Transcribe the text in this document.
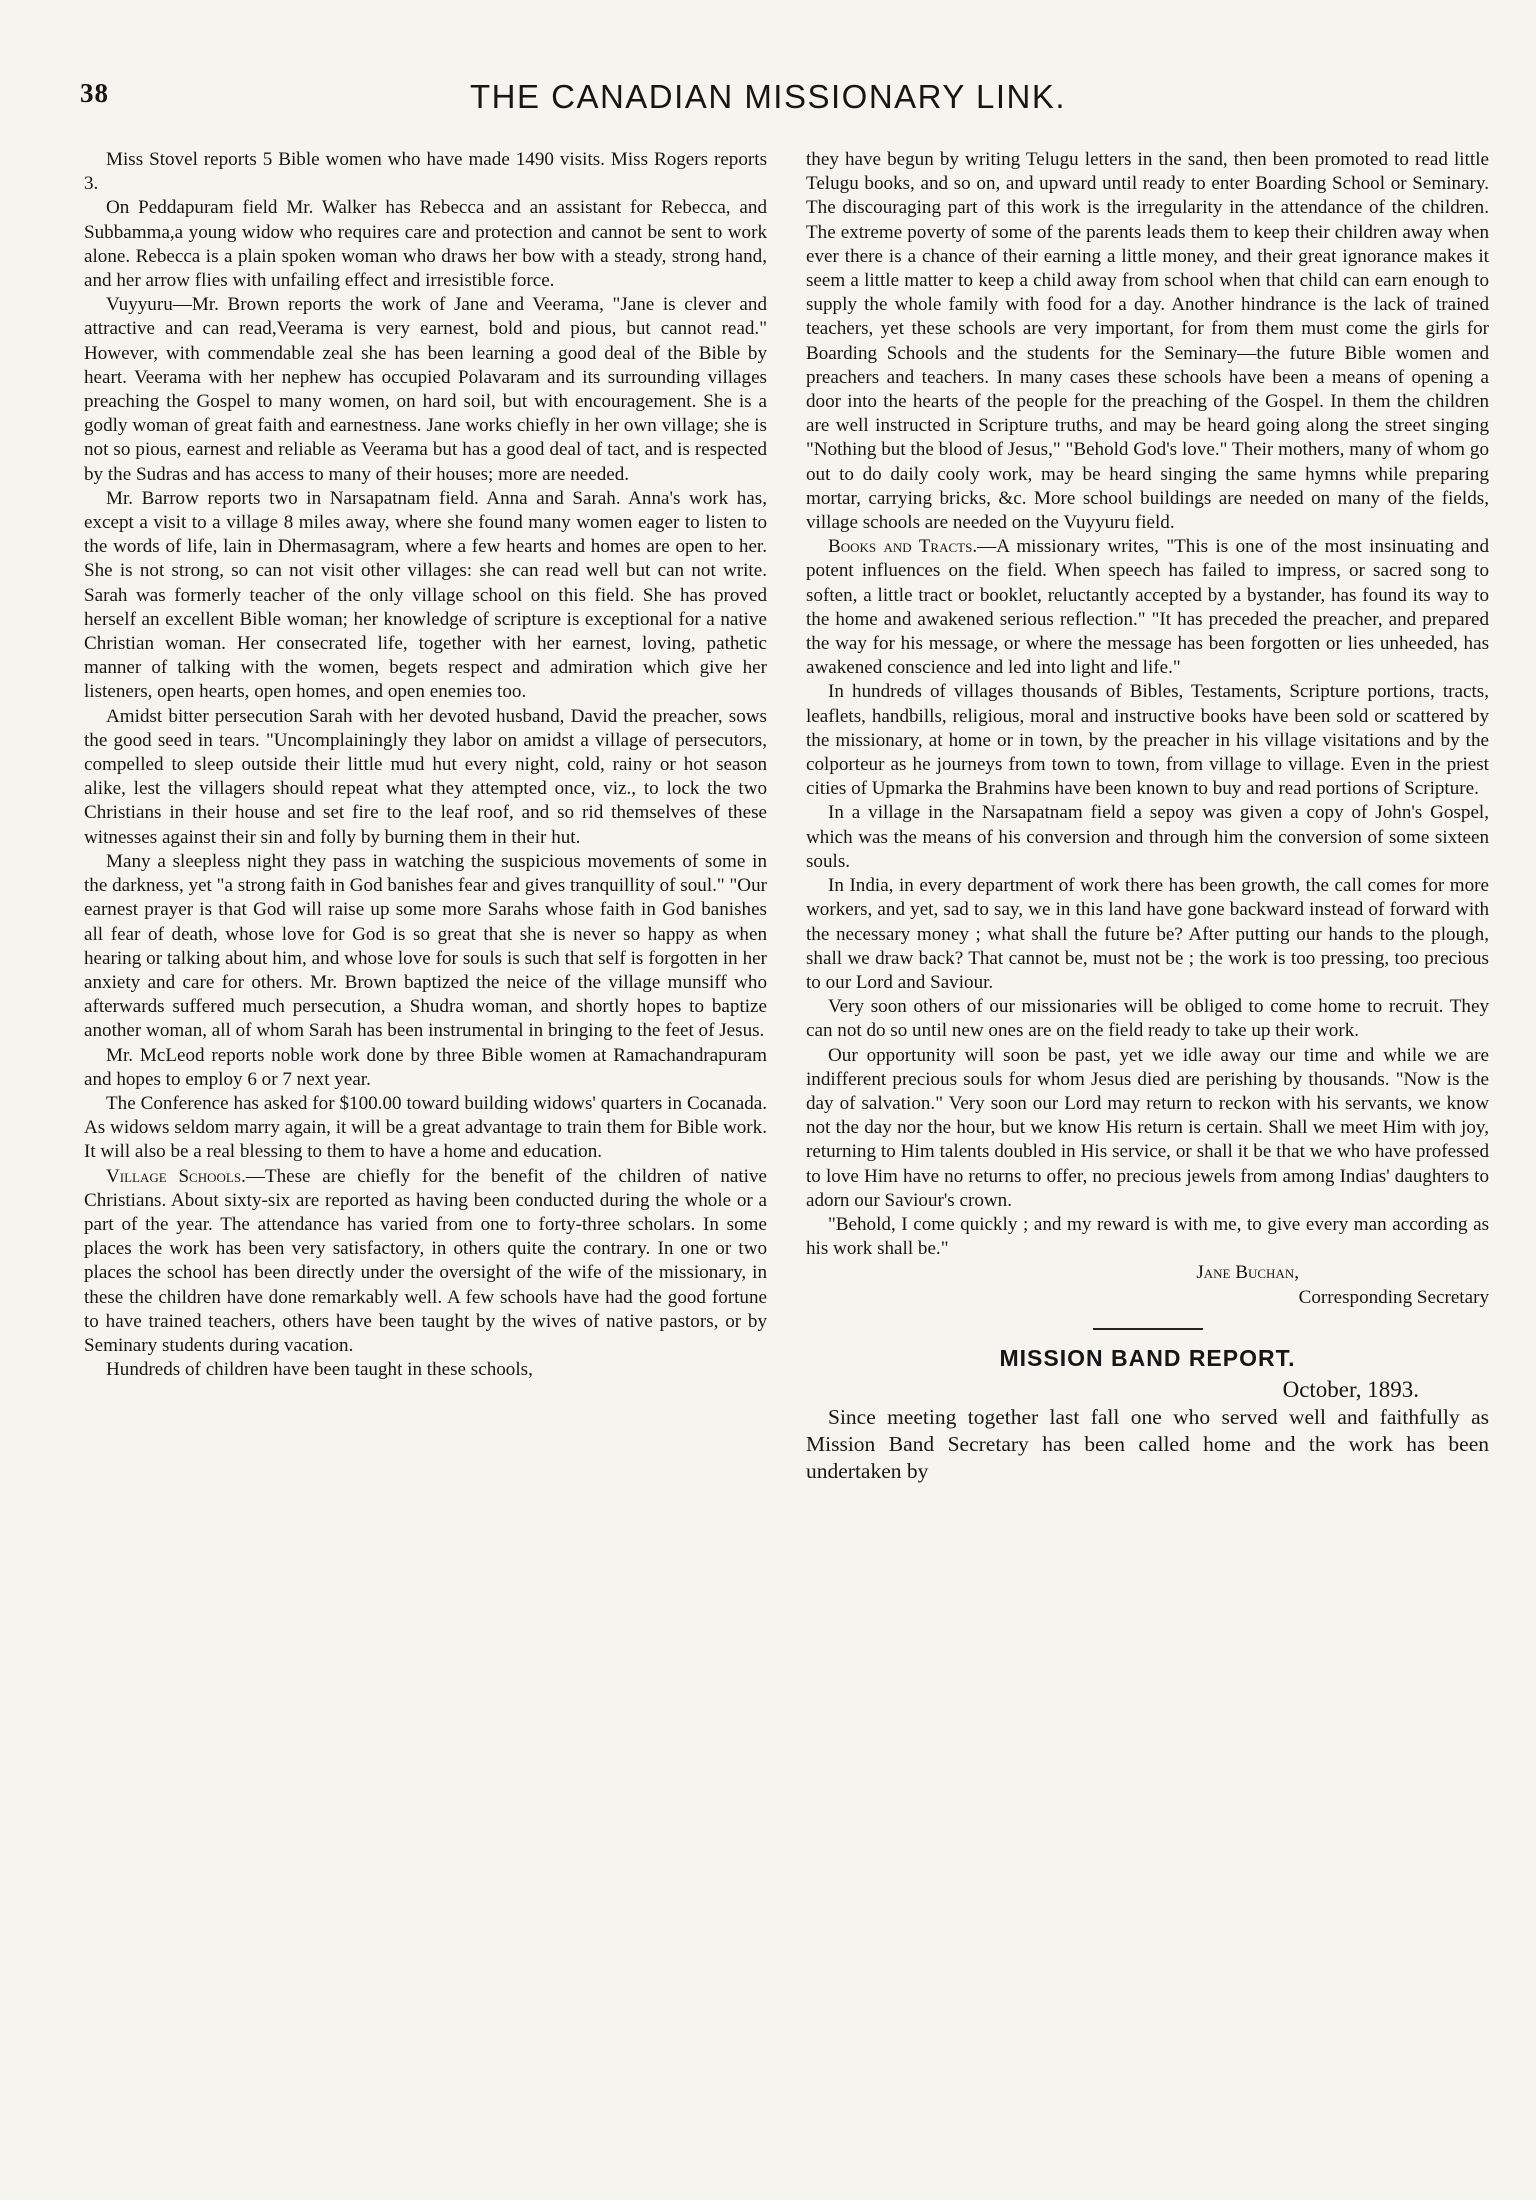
38	THE CANADIAN MISSIONARY LINK.

Miss Stovel reports 5 Bible women who have made 1490 visits. Miss Rogers reports 3.

On Peddapuram field Mr. Walker has Rebecca and an assistant for Rebecca, and Subbamma,a young widow who requires care and protection and cannot be sent to work alone. Rebecca is a plain spoken woman who draws her bow with a steady, strong hand, and her arrow flies with unfailing effect and irresistible force.

Vuyyuru—Mr. Brown reports the work of Jane and Veerama, "Jane is clever and attractive and can read,Veerama is very earnest, bold and pious, but cannot read." However, with commendable zeal she has been learning a good deal of the Bible by heart. Veerama with her nephew has occupied Polavaram and its surrounding villages preaching the Gospel to many women, on hard soil, but with encouragement. She is a godly woman of great faith and earnestness. Jane works chiefly in her own village; she is not so pious, earnest and reliable as Veerama but has a good deal of tact, and is respected by the Sudras and has access to many of their houses; more are needed.

Mr. Barrow reports two in Narsapatnam field. Anna and Sarah. Anna's work has, except a visit to a village 8 miles away, where she found many women eager to listen to the words of life, lain in Dhermasagram, where a few hearts and homes are open to her. She is not strong, so can not visit other villages: she can read well but can not write. Sarah was formerly teacher of the only village school on this field. She has proved herself an excellent Bible woman; her knowledge of scripture is exceptional for a native Christian woman. Her consecrated life, together with her earnest, loving, pathetic manner of talking with the women, begets respect and admiration which give her listeners, open hearts, open homes, and open enemies too.

Amidst bitter persecution Sarah with her devoted husband, David the preacher, sows the good seed in tears. "Uncomplainingly they labor on amidst a village of persecutors, compelled to sleep outside their little mud hut every night, cold, rainy or hot season alike, lest the villagers should repeat what they attempted once, viz., to lock the two Christians in their house and set fire to the leaf roof, and so rid themselves of these witnesses against their sin and folly by burning them in their hut.

Many a sleepless night they pass in watching the suspicious movements of some in the darkness, yet "a strong faith in God banishes fear and gives tranquillity of soul." "Our earnest prayer is that God will raise up some more Sarahs whose faith in God banishes all fear of death, whose love for God is so great that she is never so happy as when hearing or talking about him, and whose love for souls is such that self is forgotten in her anxiety and care for others. Mr. Brown baptized the neice of the village munsiff who afterwards suffered much persecution, a Shudra woman, and shortly hopes to baptize another woman, all of whom Sarah has been instrumental in bringing to the feet of Jesus.

Mr. McLeod reports noble work done by three Bible women at Ramachandrapuram and hopes to employ 6 or 7 next year.

The Conference has asked for $100.00 toward building widows' quarters in Cocanada. As widows seldom marry again, it will be a great advantage to train them for Bible work. It will also be a real blessing to them to have a home and education.

Village Schools.—These are chiefly for the benefit of the children of native Christians. About sixty-six are reported as having been conducted during the whole or a part of the year. The attendance has varied from one to forty-three scholars. In some places the work has been very satisfactory, in others quite the contrary. In one or two places the school has been directly under the oversight of the wife of the missionary, in these the children have done remarkably well. A few schools have had the good fortune to have trained teachers, others have been taught by the wives of native pastors, or by Seminary students during vacation.

Hundreds of children have been taught in these schools,

they have begun by writing Telugu letters in the sand, then been promoted to read little Telugu books, and so on, and upward until ready to enter Boarding School or Seminary. The discouraging part of this work is the irregularity in the attendance of the children. The extreme poverty of some of the parents leads them to keep their children away when ever there is a chance of their earning a little money, and their great ignorance makes it seem a little matter to keep a child away from school when that child can earn enough to supply the whole family with food for a day. Another hindrance is the lack of trained teachers, yet these schools are very important, for from them must come the girls for Boarding Schools and the students for the Seminary—the future Bible women and preachers and teachers. In many cases these schools have been a means of opening a door into the hearts of the people for the preaching of the Gospel. In them the children are well instructed in Scripture truths, and may be heard going along the street singing "Nothing but the blood of Jesus," "Behold God's love." Their mothers, many of whom go out to do daily cooly work, may be heard singing the same hymns while preparing mortar, carrying bricks, &c. More school buildings are needed on many of the fields, village schools are needed on the Vuyyuru field.

Books and Tracts.—A missionary writes, "This is one of the most insinuating and potent influences on the field. When speech has failed to impress, or sacred song to soften, a little tract or booklet, reluctantly accepted by a bystander, has found its way to the home and awakened serious reflection." "It has preceded the preacher, and prepared the way for his message, or where the message has been forgotten or lies unheeded, has awakened conscience and led into light and life."

In hundreds of villages thousands of Bibles, Testaments, Scripture portions, tracts, leaflets, handbills, religious, moral and instructive books have been sold or scattered by the missionary, at home or in town, by the preacher in his village visitations and by the colporteur as he journeys from town to town, from village to village. Even in the priest cities of Upmarka the Brahmins have been known to buy and read portions of Scripture.

In a village in the Narsapatnam field a sepoy was given a copy of John's Gospel, which was the means of his conversion and through him the conversion of some sixteen souls.

In India, in every department of work there has been growth, the call comes for more workers, and yet, sad to say, we in this land have gone backward instead of forward with the necessary money ; what shall the future be? After putting our hands to the plough, shall we draw back? That cannot be, must not be ; the work is too pressing, too precious to our Lord and Saviour.

Very soon others of our missionaries will be obliged to come home to recruit. They can not do so until new ones are on the field ready to take up their work.

Our opportunity will soon be past, yet we idle away our time and while we are indifferent precious souls for whom Jesus died are perishing by thousands. "Now is the day of salvation." Very soon our Lord may return to reckon with his servants, we know not the day nor the hour, but we know His return is certain. Shall we meet Him with joy, returning to Him talents doubled in His service, or shall it be that we who have professed to love Him have no returns to offer, no precious jewels from among Indias' daughters to adorn our Saviour's crown.

"Behold, I come quickly ; and my reward is with me, to give every man according as his work shall be."

Jane Buchan,
Corresponding Secretary
MISSION BAND REPORT.
October, 1893.

Since meeting together last fall one who served well and faithfully as Mission Band Secretary has been called home and the work has been undertaken by
